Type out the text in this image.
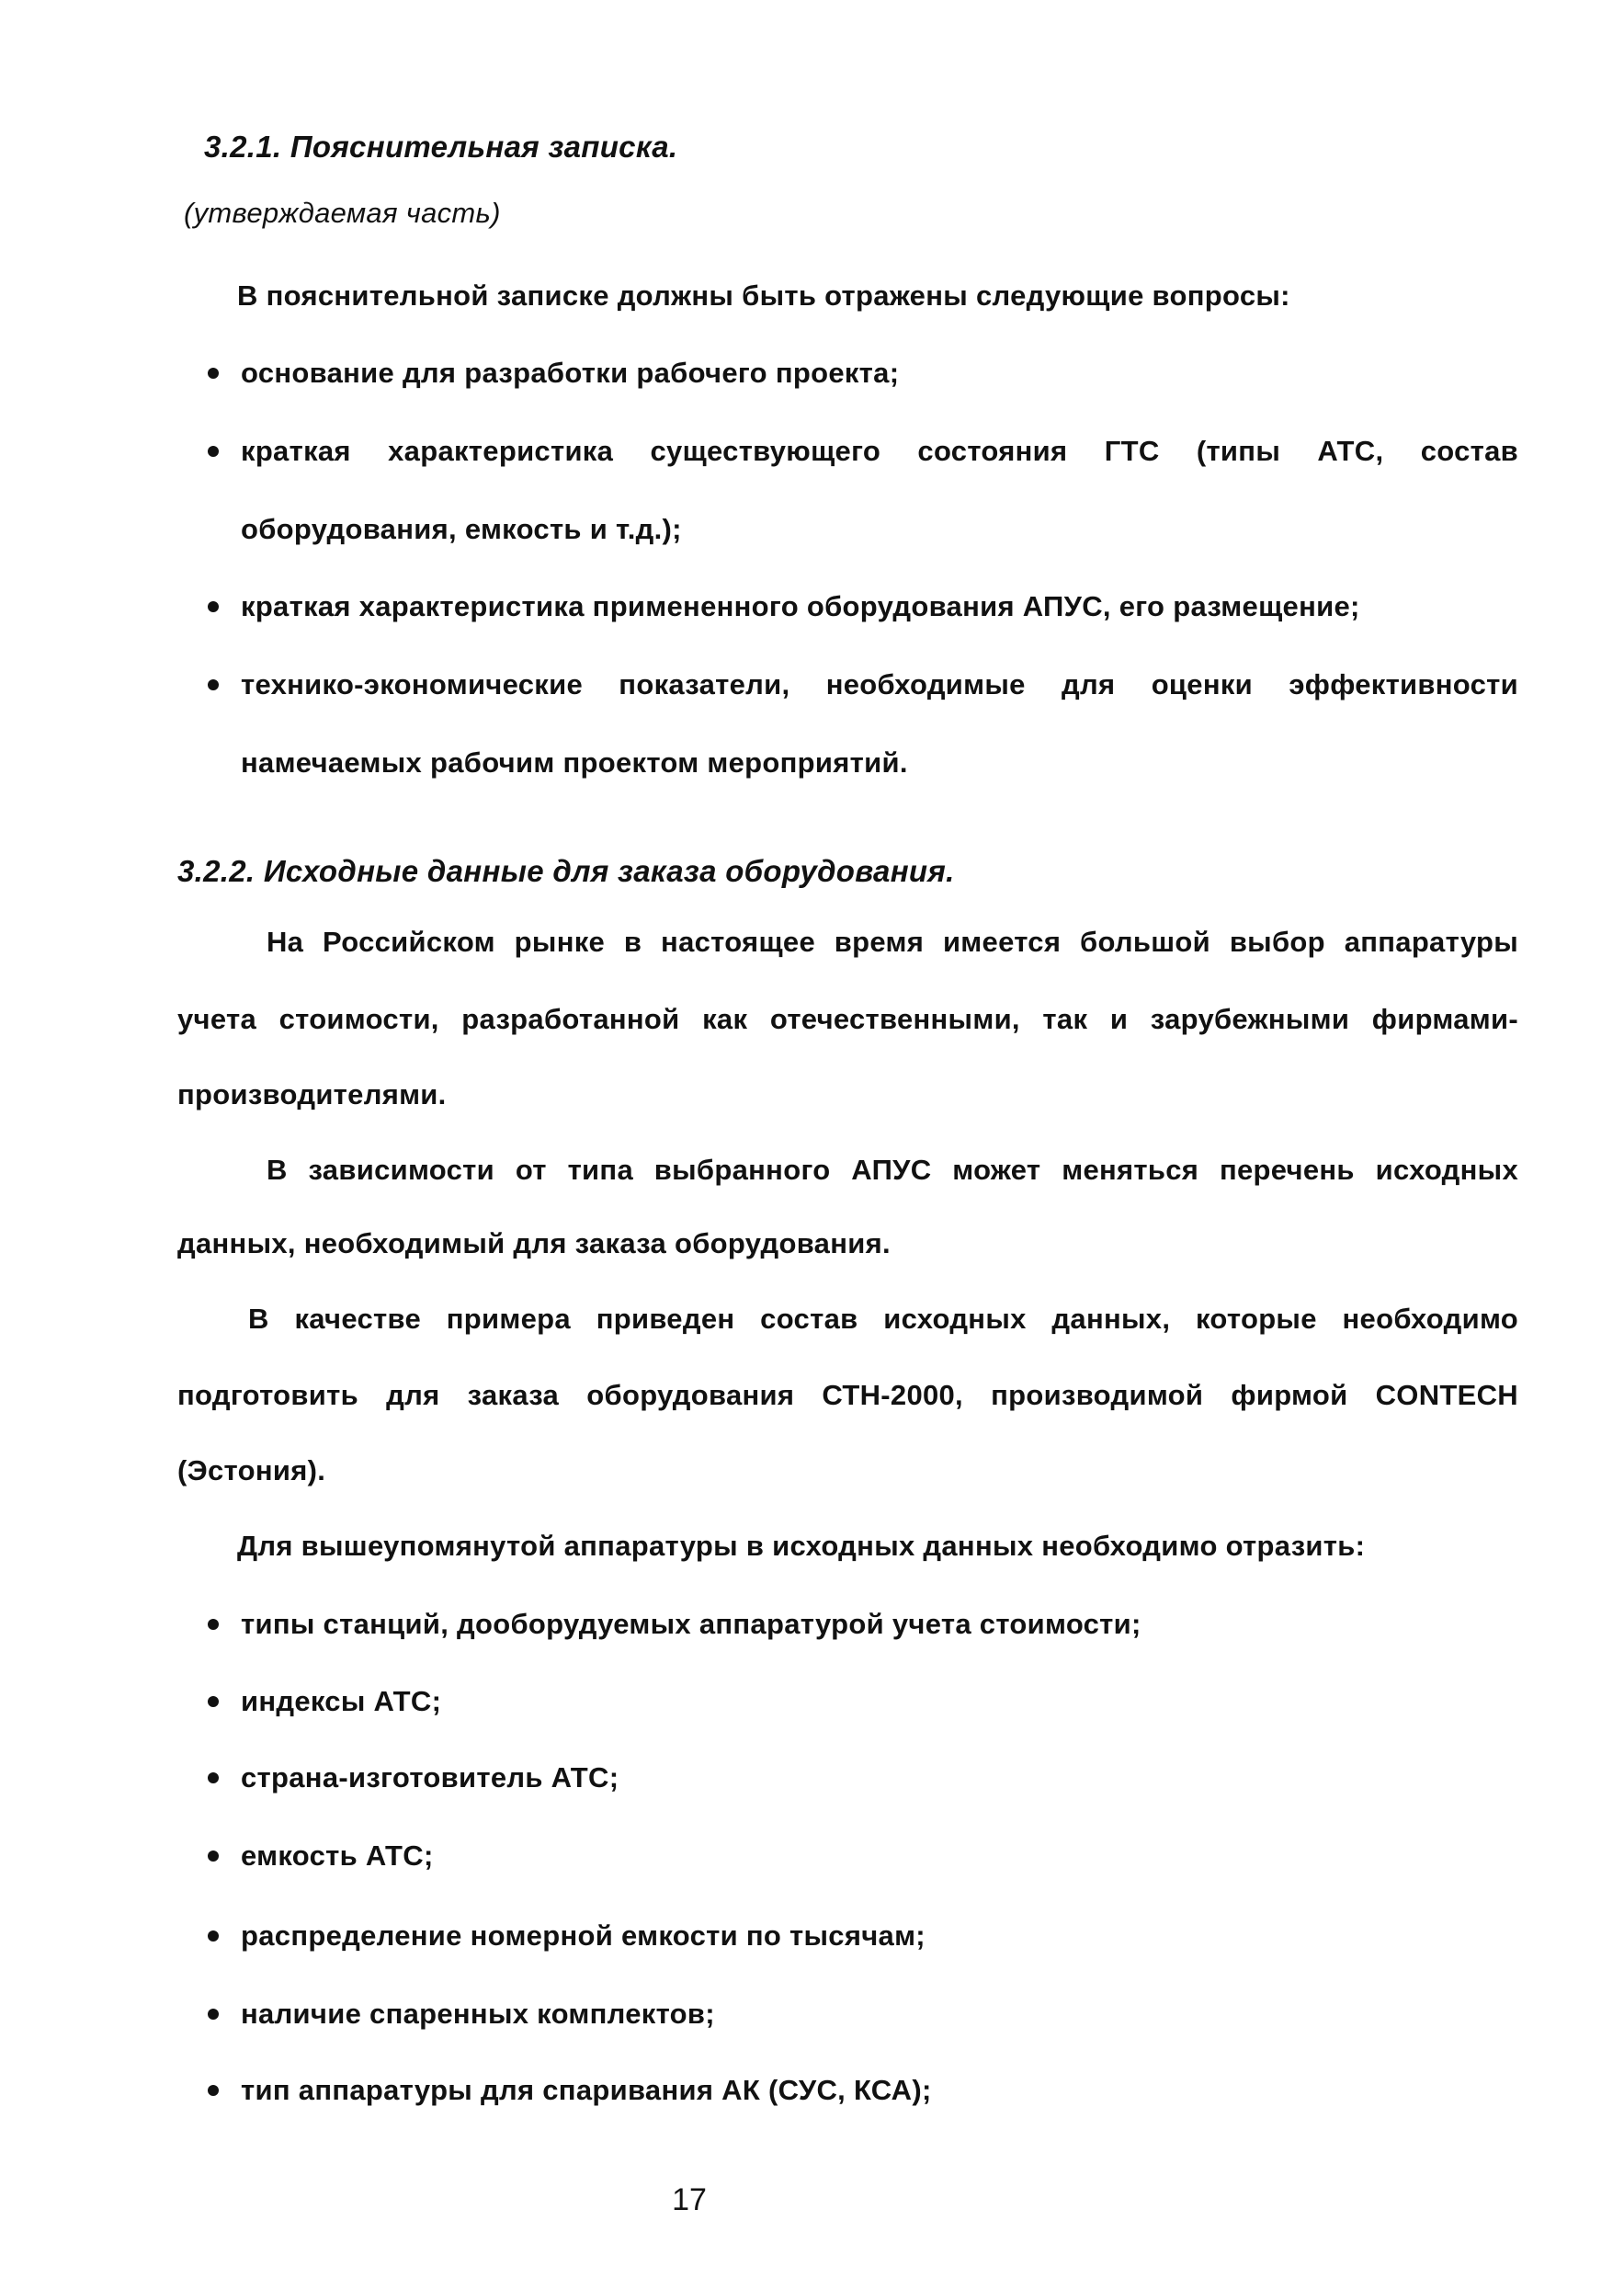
3.2.1. Пояснительная записка.
(утверждаемая часть)
В пояснительной записке должны быть отражены следующие вопросы:
основание для разработки рабочего проекта;
краткая характеристика существующего состояния ГТС (типы АТС, состав
оборудования, емкость и т.д.);
краткая характеристика примененного оборудования АПУС, его размещение;
технико-экономические показатели, необходимые для оценки эффективности
намечаемых рабочим проектом мероприятий.
3.2.2. Исходные данные для заказа оборудования.
На Российском рынке в настоящее время имеется большой выбор аппаратуры
учета стоимости, разработанной как отечественными, так и зарубежными фирмами-
производителями.
В зависимости от типа выбранного АПУС может меняться перечень исходных
данных, необходимый для заказа оборудования.
В качестве примера приведен состав исходных данных, которые необходимо
подготовить для заказа оборудования СТН-2000, производимой фирмой CONTECH
(Эстония).
Для вышеупомянутой аппаратуры в исходных данных необходимо отразить:
типы станций, дооборудуемых аппаратурой учета стоимости;
индексы АТС;
страна-изготовитель АТС;
емкость АТС;
распределение номерной емкости по тысячам;
наличие спаренных комплектов;
тип аппаратуры для спаривания АК (СУС, КСА);
17
